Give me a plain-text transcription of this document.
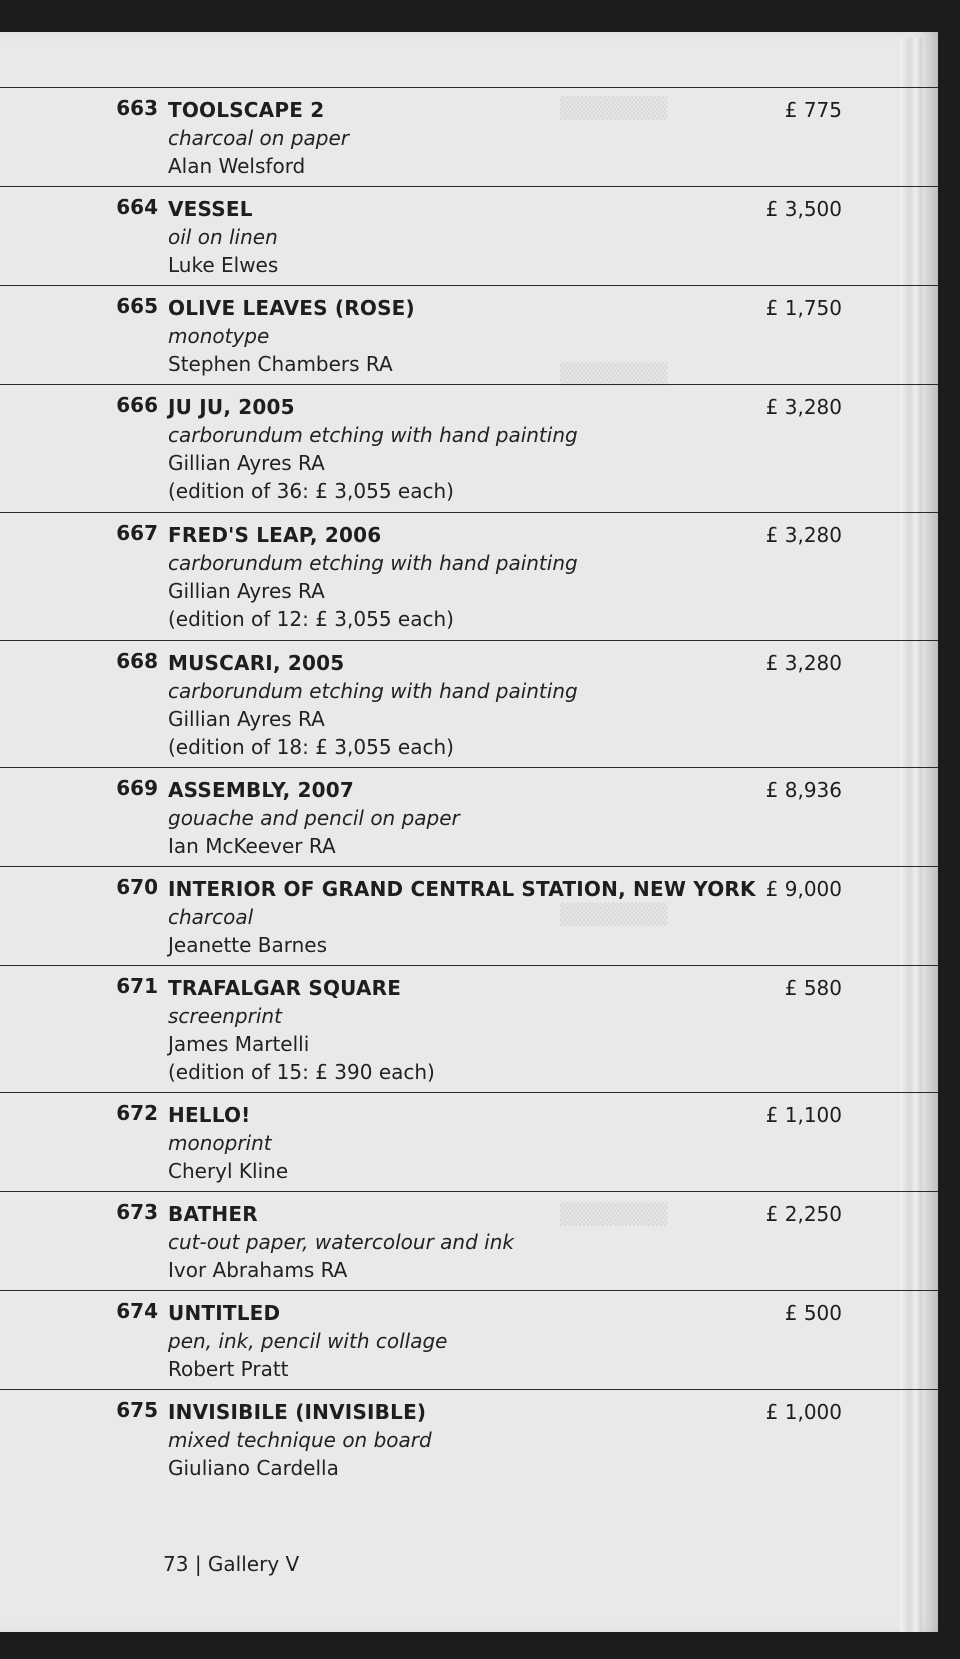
▒▒▒▒▒▒▒
▒▒▒▒▒▒▒
▒▒▒▒▒▒▒
▒▒▒▒▒▒▒
663 TOOLSCAPE 2
charcoal on paper
Alan Welsford
£ 775
664 VESSEL
oil on linen
Luke Elwes
£ 3,500
665 OLIVE LEAVES (ROSE)
monotype
Stephen Chambers RA
£ 1,750
666 JU JU, 2005
carborundum etching with hand painting
Gillian Ayres RA
(edition of 36: £ 3,055 each)
£ 3,280
667 FRED'S LEAP, 2006
carborundum etching with hand painting
Gillian Ayres RA
(edition of 12: £ 3,055 each)
£ 3,280
668 MUSCARI, 2005
carborundum etching with hand painting
Gillian Ayres RA
(edition of 18: £ 3,055 each)
£ 3,280
669 ASSEMBLY, 2007
gouache and pencil on paper
Ian McKeever RA
£ 8,936
670 INTERIOR OF GRAND CENTRAL STATION, NEW YORK
charcoal
Jeanette Barnes
£ 9,000
671 TRAFALGAR SQUARE
screenprint
James Martelli
(edition of 15: £ 390 each)
£ 580
672 HELLO!
monoprint
Cheryl Kline
£ 1,100
673 BATHER
cut-out paper, watercolour and ink
Ivor Abrahams RA
£ 2,250
674 UNTITLED
pen, ink, pencil with collage
Robert Pratt
£ 500
675 INVISIBILE (INVISIBLE)
mixed technique on board
Giuliano Cardella
£ 1,000
73 | Gallery V
